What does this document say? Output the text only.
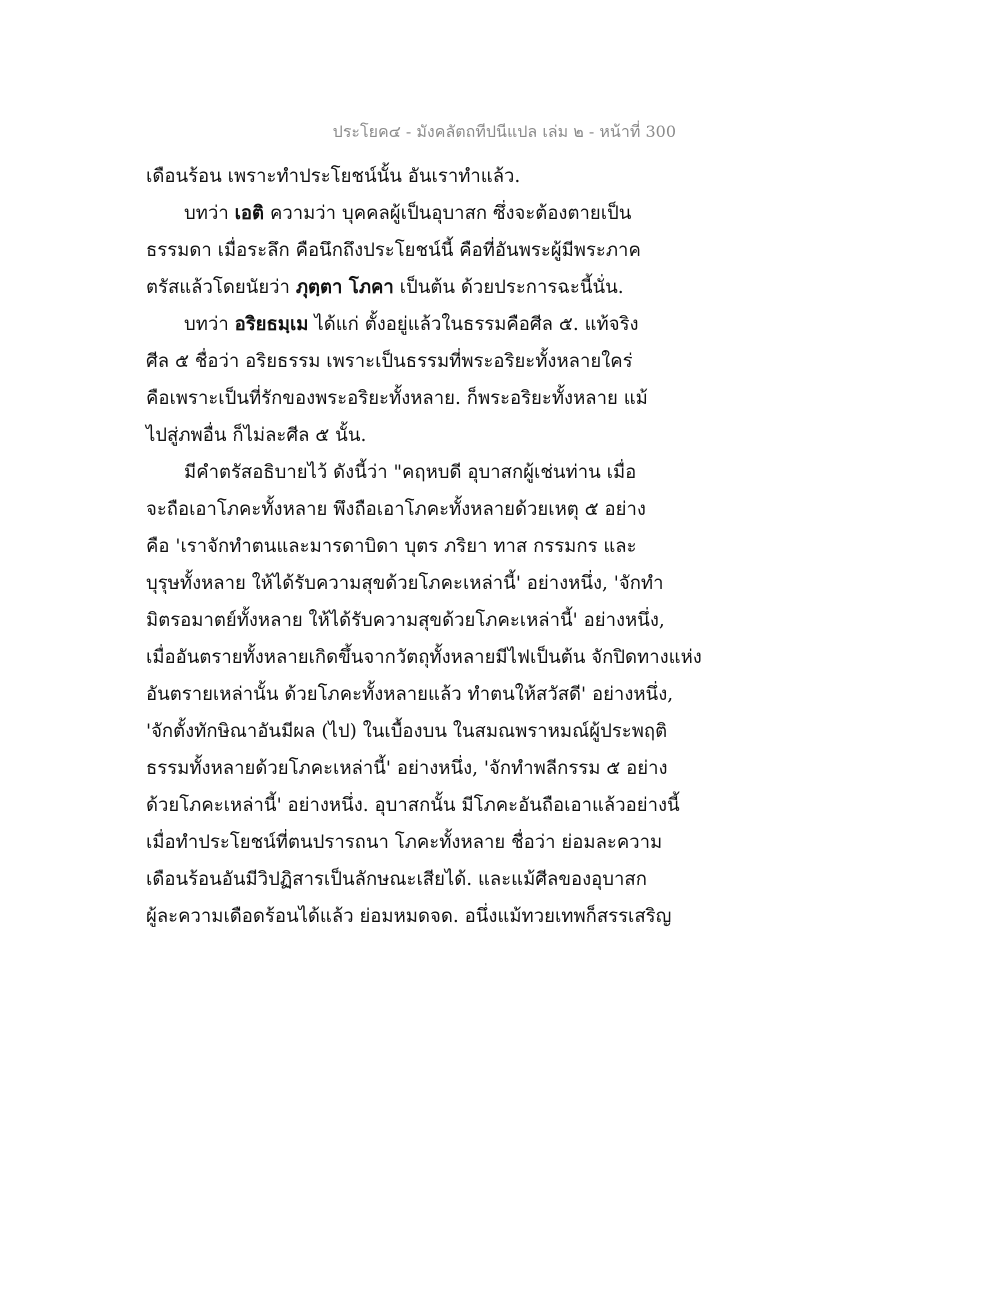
ประโยค๔ - มังคลัตถทีปนีแปล เล่ม ๒ - หน้าที่ 300
เดือนร้อน เพราะทำประโยชน์นั้น อันเราทำแล้ว.
บทว่า เอติ ความว่า บุคคลผู้เป็นอุบาสก ซึ่งจะต้องตายเป็น
ธรรมดา เมื่อระลึก คือนึกถึงประโยชน์นี้ คือที่อันพระผู้มีพระภาค
ตรัสแล้วโดยนัยว่า ภุตฺตา โภคา เป็นต้น ด้วยประการฉะนี้นั่น.
บทว่า อริยธมฺเม ได้แก่ ตั้งอยู่แล้วในธรรมคือศีล ๕. แท้จริง
ศีล ๕ ชื่อว่า อริยธรรม เพราะเป็นธรรมที่พระอริยะทั้งหลายใคร่
คือเพราะเป็นที่รักของพระอริยะทั้งหลาย. ก็พระอริยะทั้งหลาย แม้
ไปสู่ภพอื่น ก็ไม่ละศีล ๕ นั้น.
มีคำตรัสอธิบายไว้ ดังนี้ว่า "คฤหบดี อุบาสกผู้เช่นท่าน เมื่อ
จะถือเอาโภคะทั้งหลาย พึงถือเอาโภคะทั้งหลายด้วยเหตุ ๕ อย่าง
คือ 'เราจักทำตนและมารดาบิดา บุตร ภริยา ทาส กรรมกร และ
บุรุษทั้งหลาย ให้ได้รับความสุขด้วยโภคะเหล่านี้' อย่างหนึ่ง, 'จักทำ
มิตรอมาตย์ทั้งหลาย ให้ได้รับความสุขด้วยโภคะเหล่านี้' อย่างหนึ่ง,
เมื่ออันตรายทั้งหลายเกิดขึ้นจากวัตถุทั้งหลายมีไฟเป็นต้น จักปิดทางแห่ง
อันตรายเหล่านั้น ด้วยโภคะทั้งหลายแล้ว ทำตนให้สวัสดี' อย่างหนึ่ง,
'จักตั้งทักษิณาอันมีผล (ไป) ในเบื้องบน ในสมณพราหมณ์ผู้ประพฤติ
ธรรมทั้งหลายด้วยโภคะเหล่านี้' อย่างหนึ่ง, 'จักทำพลีกรรม ๕ อย่าง
ด้วยโภคะเหล่านี้' อย่างหนึ่ง. อุบาสกนั้น มีโภคะอันถือเอาแล้วอย่างนี้
เมื่อทำประโยชน์ที่ตนปรารถนา โภคะทั้งหลาย ชื่อว่า ย่อมละความ
เดือนร้อนอันมีวิปฏิสารเป็นลักษณะเสียได้. และแม้ศีลของอุบาสก
ผู้ละความเดือดร้อนได้แล้ว ย่อมหมดจด. อนึ่งแม้ทวยเทพก็สรรเสริญ
